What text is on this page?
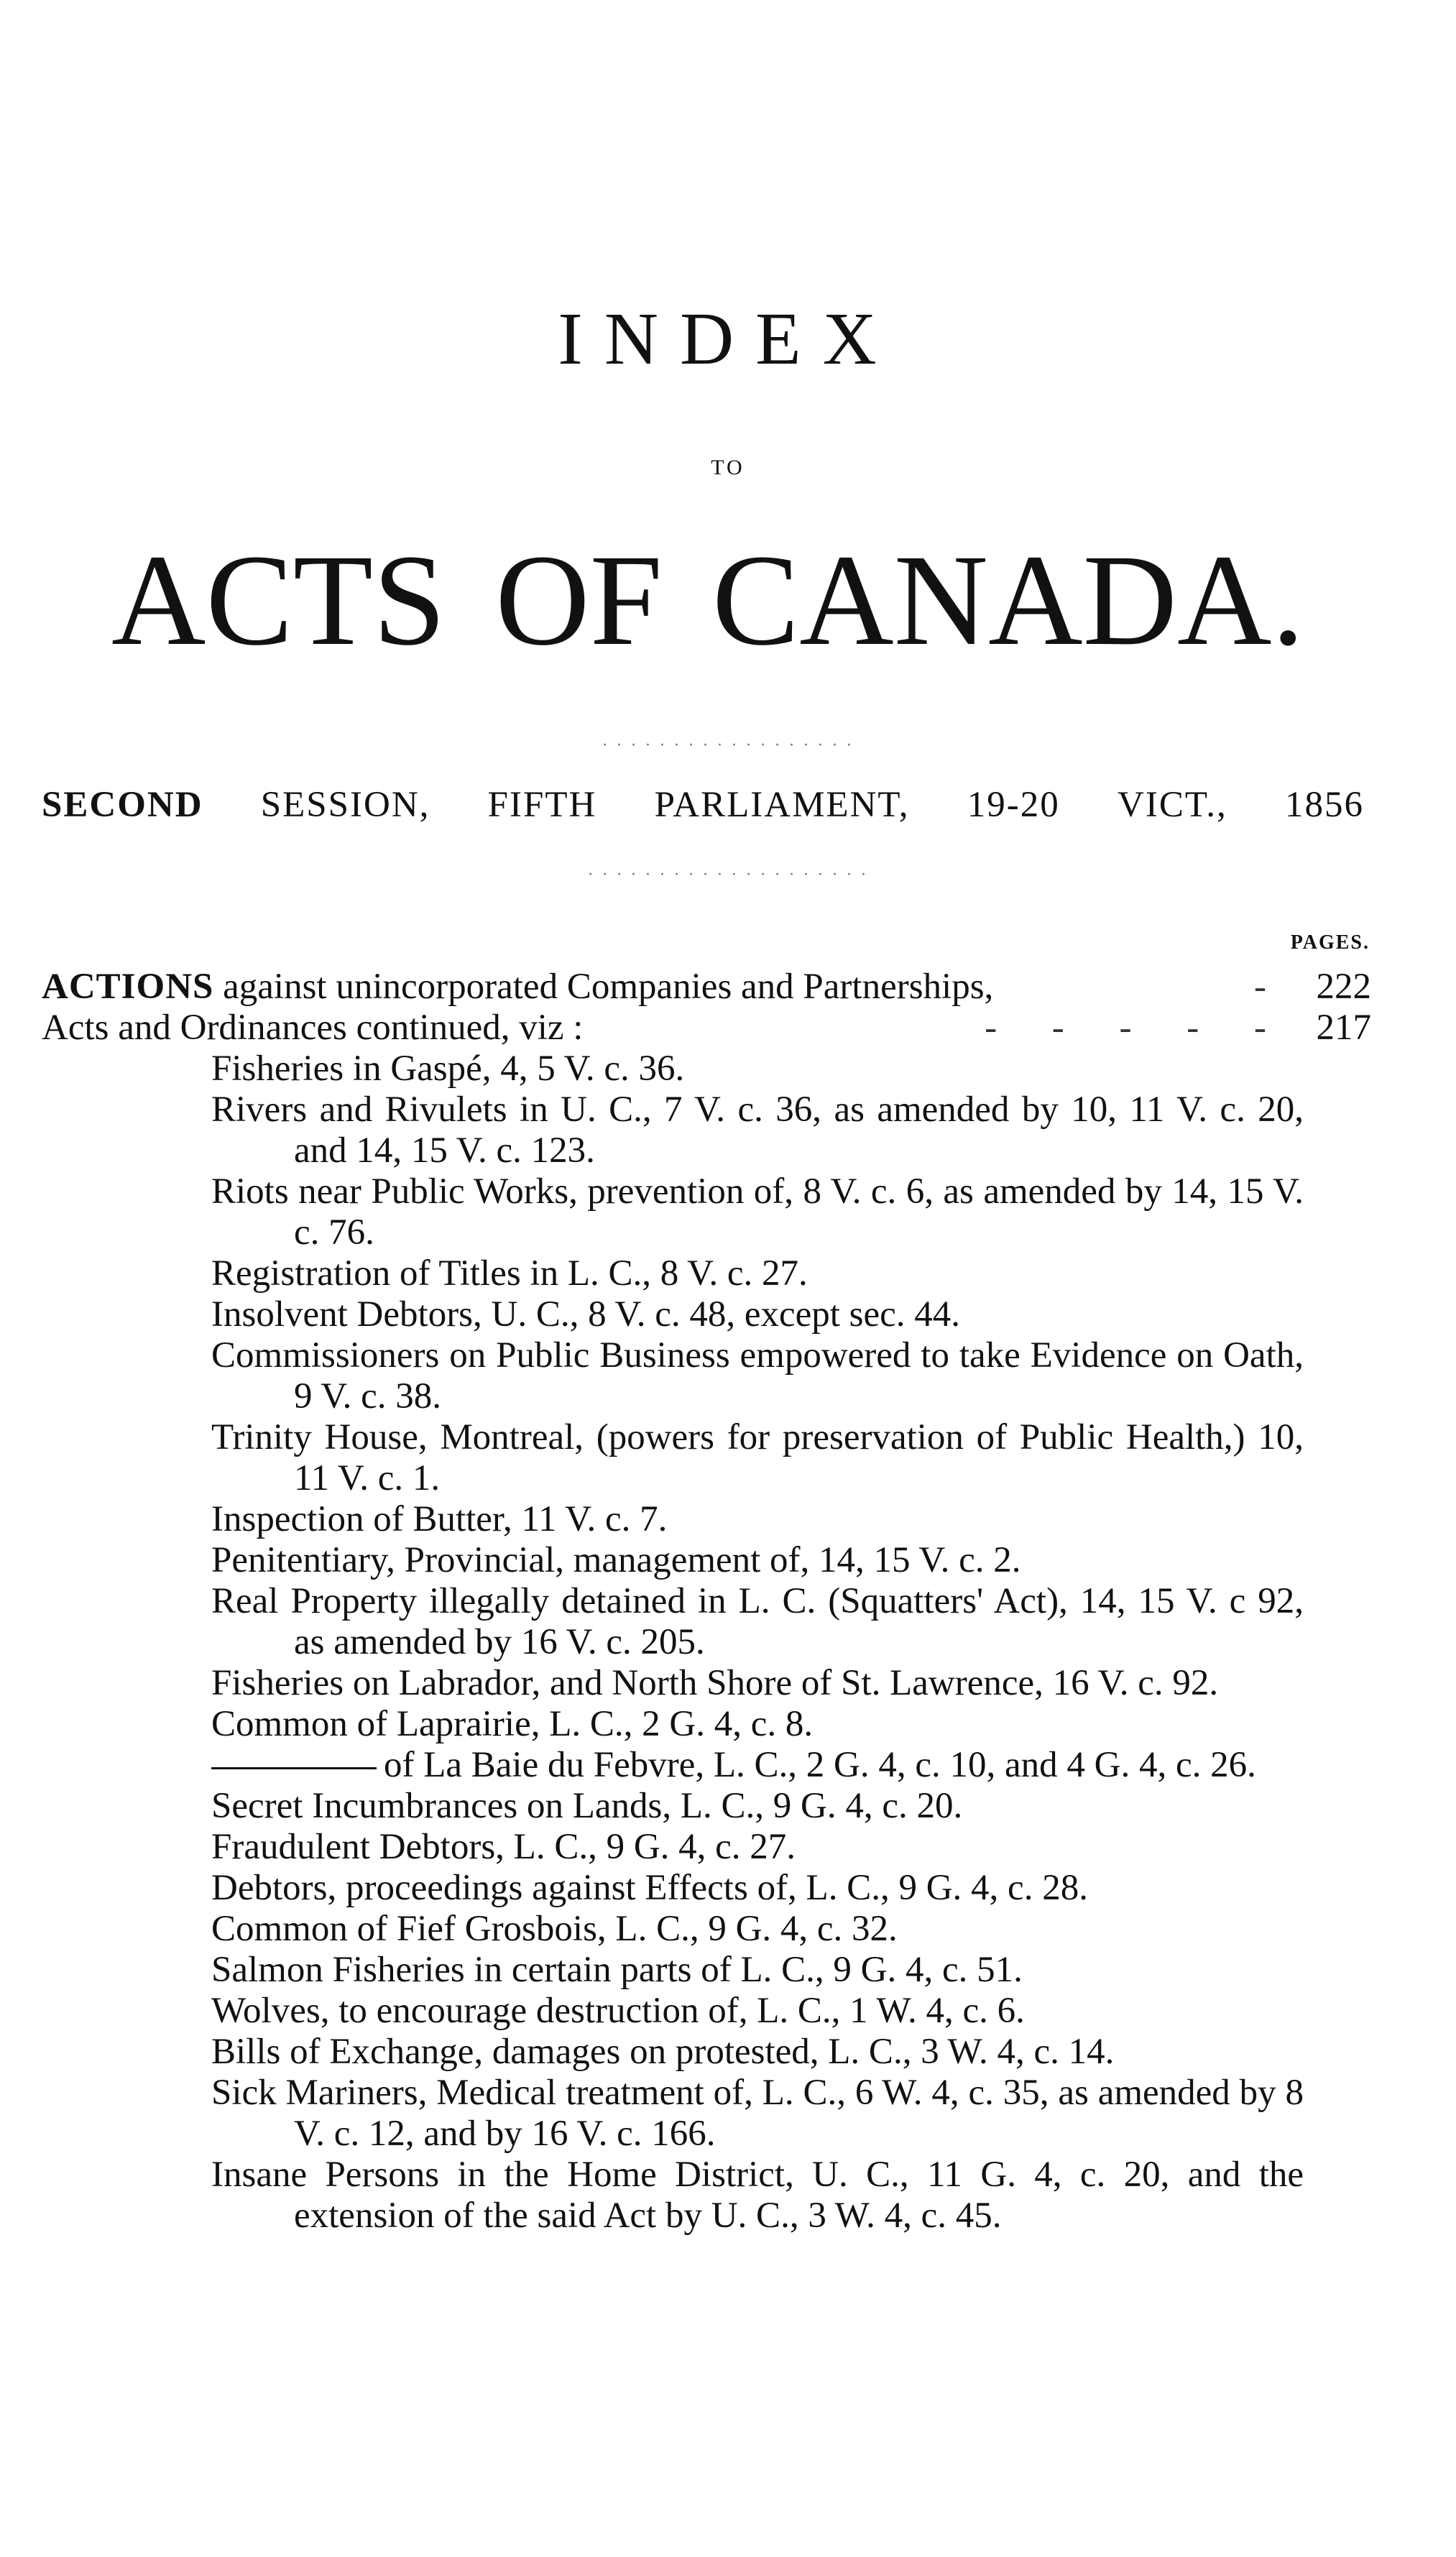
INDEX
TO
ACTS OF CANADA.
· · · · · · · · · · · · · · · · · ·
SECOND SESSION, FIFTH PARLIAMENT, 19-20 VICT., 1856
· · · · · · · · · · · · · · · · · · · ·
PAGES.
ACTIONS against unincorporated Companies and Partnerships,	- 222
Acts and Ordinances continued, viz :	- - - - - 217
Fisheries in Gaspé, 4, 5 V. c. 36.
Rivers and Rivulets in U. C., 7 V. c. 36, as amended by 10, 11 V. c. 20, and 14, 15 V. c. 123.
Riots near Public Works, prevention of, 8 V. c. 6, as amended by 14, 15 V. c. 76.
Registration of Titles in L. C., 8 V. c. 27.
Insolvent Debtors, U. C., 8 V. c. 48, except sec. 44.
Commissioners on Public Business empowered to take Evidence on Oath, 9 V. c. 38.
Trinity House, Montreal, (powers for preservation of Public Health,) 10, 11 V. c. 1.
Inspection of Butter, 11 V. c. 7.
Penitentiary, Provincial, management of, 14, 15 V. c. 2.
Real Property illegally detained in L. C. (Squatters' Act), 14, 15 V. c 92, as amended by 16 V. c. 205.
Fisheries on Labrador, and North Shore of St. Lawrence, 16 V. c. 92.
Common of Laprairie, L. C., 2 G. 4, c. 8.
of La Baie du Febvre, L. C., 2 G. 4, c. 10, and 4 G. 4, c. 26.
Secret Incumbrances on Lands, L. C., 9 G. 4, c. 20.
Fraudulent Debtors, L. C., 9 G. 4, c. 27.
Debtors, proceedings against Effects of, L. C., 9 G. 4, c. 28.
Common of Fief Grosbois, L. C., 9 G. 4, c. 32.
Salmon Fisheries in certain parts of L. C., 9 G. 4, c. 51.
Wolves, to encourage destruction of, L. C., 1 W. 4, c. 6.
Bills of Exchange, damages on protested, L. C., 3 W. 4, c. 14.
Sick Mariners, Medical treatment of, L. C., 6 W. 4, c. 35, as amended by 8 V. c. 12, and by 16 V. c. 166.
Insane Persons in the Home District, U. C., 11 G. 4, c. 20, and the extension of the said Act by U. C., 3 W. 4, c. 45.
